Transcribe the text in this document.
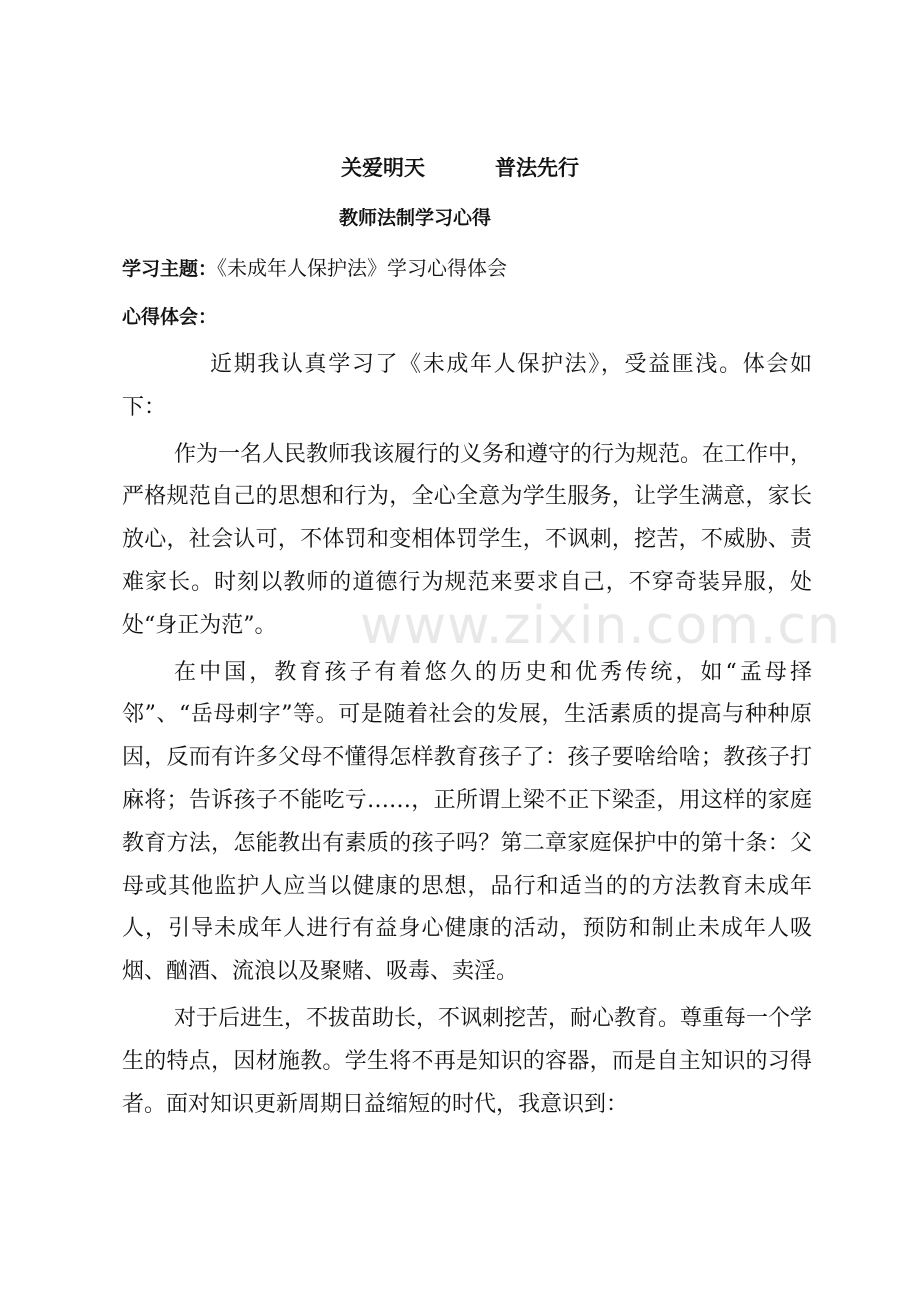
关爱明天	普法先行
教师法制学习心得
学习主题：《未成年人保护法》学习心得体会
心得体会：

近期我认真学习了《未成年人保护法》，受益匪浅。体会如下：

作为一名人民教师我该履行的义务和遵守的行为规范。在工作中，严格规范自己的思想和行为，全心全意为学生服务，让学生满意，家长放心，社会认可，不体罚和变相体罚学生，不讽刺，挖苦，不威胁、责难家长。时刻以教师的道德行为规范来要求自己，不穿奇装异服，处处“身正为范”。

在中国，教育孩子有着悠久的历史和优秀传统，如“孟母择邻”、“岳母刺字”等。可是随着社会的发展，生活素质的提高与种种原因，反而有许多父母不懂得怎样教育孩子了：孩子要啥给啥；教孩子打麻将；告诉孩子不能吃亏……，正所谓上梁不正下梁歪，用这样的家庭教育方法，怎能教出有素质的孩子吗？第二章家庭保护中的第十条：父母或其他监护人应当以健康的思想，品行和适当的的方法教育未成年人，引导未成年人进行有益身心健康的活动，预防和制止未成年人吸烟、酗酒、流浪以及聚赌、吸毒、卖淫。

对于后进生，不拔苗助长，不讽刺挖苦，耐心教育。尊重每一个学生的特点，因材施教。学生将不再是知识的容器，而是自主知识的习得者。面对知识更新周期日益缩短的时代，我意识到：

www.zixin.com.cn
